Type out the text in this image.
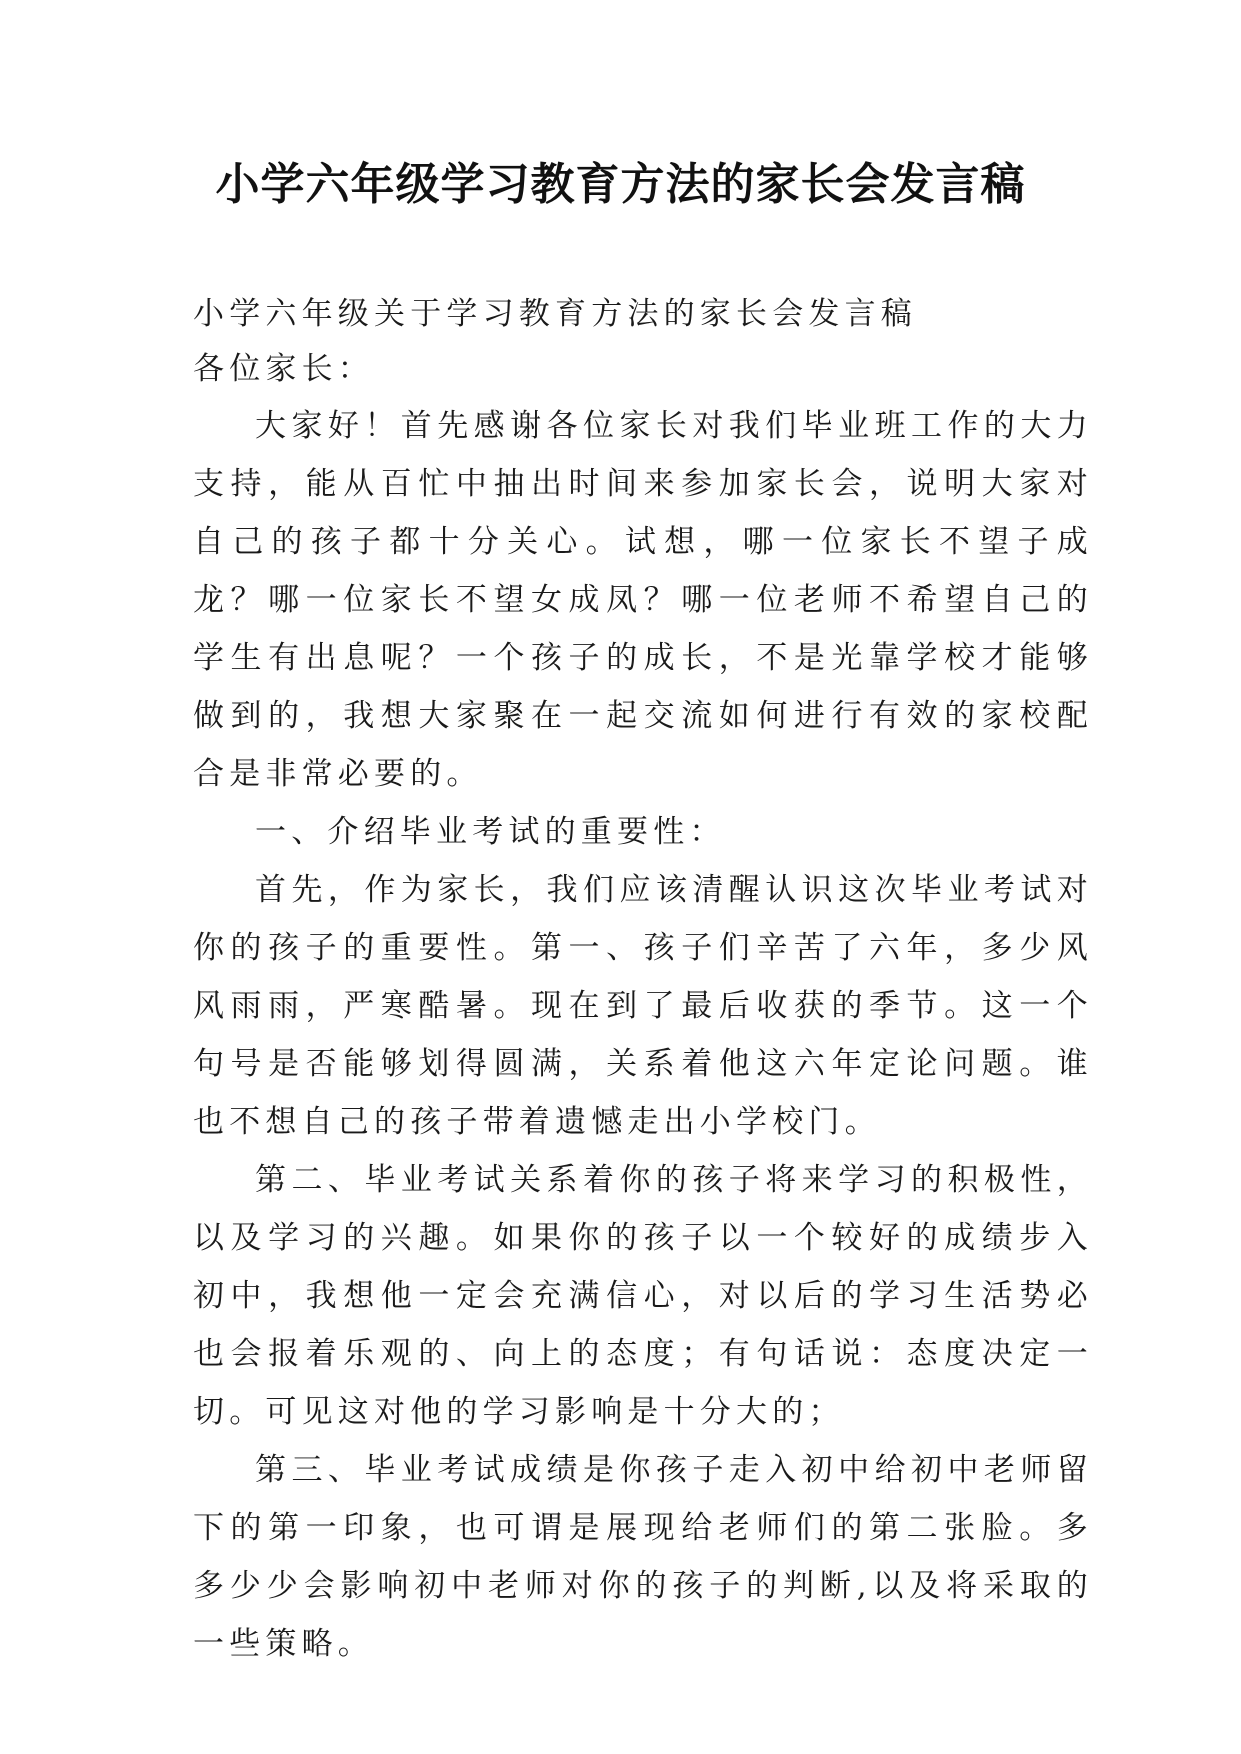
小学六年级学习教育方法的家长会发言稿

小学六年级关于学习教育方法的家长会发言稿

各位家长：

大家好！首先感谢各位家长对我们毕业班工作的大力支持，能从百忙中抽出时间来参加家长会，说明大家对自己的孩子都十分关心。试想，哪一位家长不望子成龙？哪一位家长不望女成凤？哪一位老师不希望自己的学生有出息呢？一个孩子的成长，不是光靠学校才能够做到的，我想大家聚在一起交流如何进行有效的家校配合是非常必要的。

一、介绍毕业考试的重要性：

首先，作为家长，我们应该清醒认识这次毕业考试对你的孩子的重要性。第一、孩子们辛苦了六年，多少风风雨雨，严寒酷暑。现在到了最后收获的季节。这一个句号是否能够划得圆满，关系着他这六年定论问题。谁也不想自己的孩子带着遗憾走出小学校门。

第二、毕业考试关系着你的孩子将来学习的积极性，以及学习的兴趣。如果你的孩子以一个较好的成绩步入初中，我想他一定会充满信心，对以后的学习生活势必也会报着乐观的、向上的态度；有句话说：态度决定一切。可见这对他的学习影响是十分大的；

第三、毕业考试成绩是你孩子走入初中给初中老师留下的第一印象，也可谓是展现给老师们的第二张脸。多多少少会影响初中老师对你的孩子的判断,以及将采取的一些策略。
